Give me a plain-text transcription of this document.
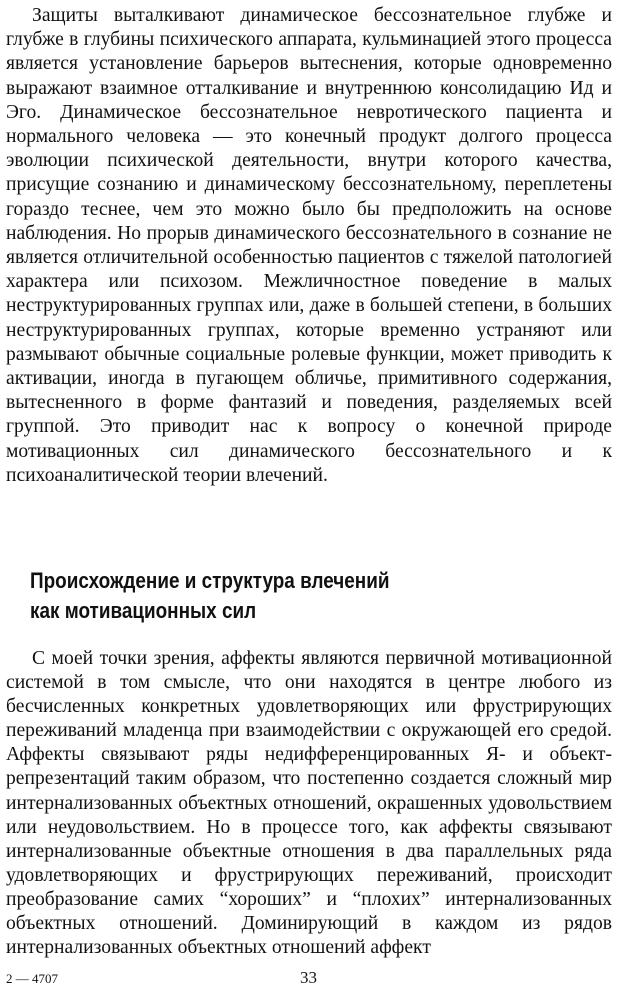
Защиты выталкивают динамическое бессознательное глубже и глубже в глубины психического аппарата, кульминацией этого процесса является установление барьеров вытеснения, которые одновременно выражают взаимное отталкивание и внутреннюю консолидацию Ид и Эго. Динамическое бессознательное невротического пациента и нормального человека — это конечный продукт долгого процесса эволюции психической деятельности, внутри которого качества, присущие сознанию и динамическому бессознательному, переплетены гораздо теснее, чем это можно было бы предположить на основе наблюдения. Но прорыв динамического бессознательного в сознание не является отличительной особенностью пациентов с тяжелой патологией характера или психозом. Межличностное поведение в малых неструктурированных группах или, даже в большей степени, в больших неструктурированных группах, которые временно устраняют или размывают обычные социальные ролевые функции, может приводить к активации, иногда в пугающем обличье, примитивного содержания, вытесненного в форме фантазий и поведения, разделяемых всей группой. Это приводит нас к вопросу о конечной природе мотивационных сил динамического бессознательного и к психоаналитической теории влечений.

Происхождение и структура влечений
как мотивационных сил

С моей точки зрения, аффекты являются первичной мотивационной системой в том смысле, что они находятся в центре любого из бесчисленных конкретных удовлетворяющих или фрустрирующих переживаний младенца при взаимодействии с окружающей его средой. Аффекты связывают ряды недифференцированных Я- и объект-репрезентаций таким образом, что постепенно создается сложный мир интернализованных объектных отношений, окрашенных удовольствием или неудовольствием. Но в процессе того, как аффекты связывают интернализованные объектные отношения в два параллельных ряда удовлетворяющих и фрустрирующих переживаний, происходит преобразование самих “хороших” и “плохих” интернализованных объектных отношений. Доминирующий в каждом из рядов интернализованных объектных отношений аффект

2 — 4707	33
